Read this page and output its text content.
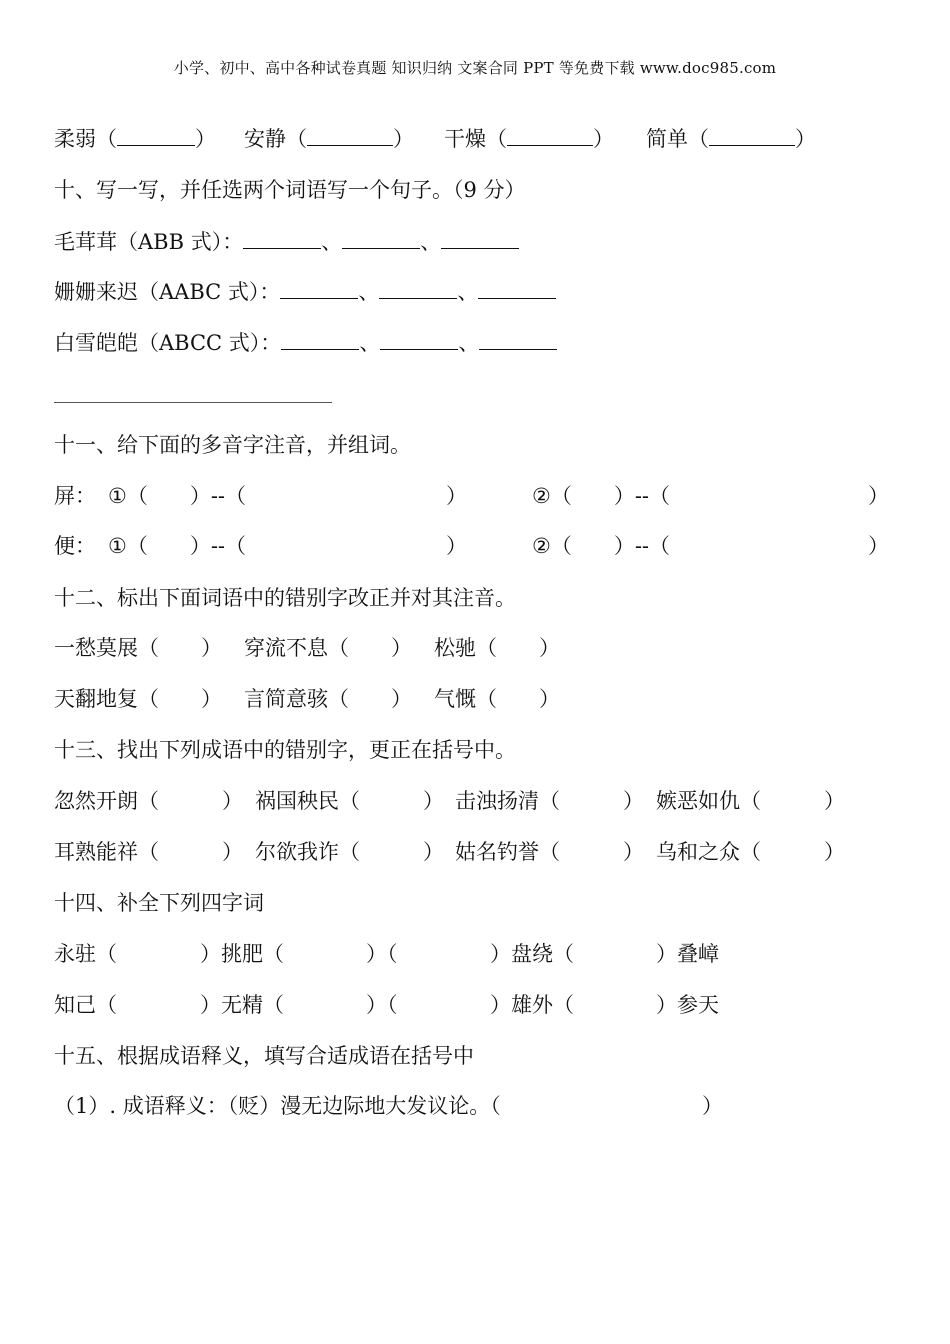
小学、初中、高中各种试卷真题 知识归纳 文案合同 PPT 等免费下载 www.doc985.com
柔弱（	） 安静（	） 干燥（	） 简单（	）
十、写一写，并任选两个词语写一个句子。（9 分）
毛茸茸（ABB 式）：	、	、
姗姗来迟（AABC 式）：	、	、
白雪皑皑（ABCC 式）：	、	、
十一、给下面的多音字注音，并组词。
屏： ①（　　）--（	）	②（　　）--（	）
便： ①（　　）--（	）	②（　　）--（	）
十二、标出下面词语中的错别字改正并对其注音。
一愁莫展（　　） 穿流不息（　　） 松驰（　　）
天翻地复（　　） 言简意骇（　　） 气慨（　　）
十三、找出下列成语中的错别字，更正在括号中。
忽然开朗（　　　） 祸国秧民（　　　） 击浊扬清（　　　） 嫉恶如仇（　　　）
耳熟能祥（　　　） 尔欲我诈（　　　） 姑名钓誉（　　　） 乌和之众（　　　）
十四、补全下列四字词
永驻（	）挑肥（	）（	）盘绕（	）叠嶂
知己（	）无精（	）（	）雄外（	）参天
十五、根据成语释义，填写合适成语在括号中
（1）. 成语释义：（贬）漫无边际地大发议论。（	）
